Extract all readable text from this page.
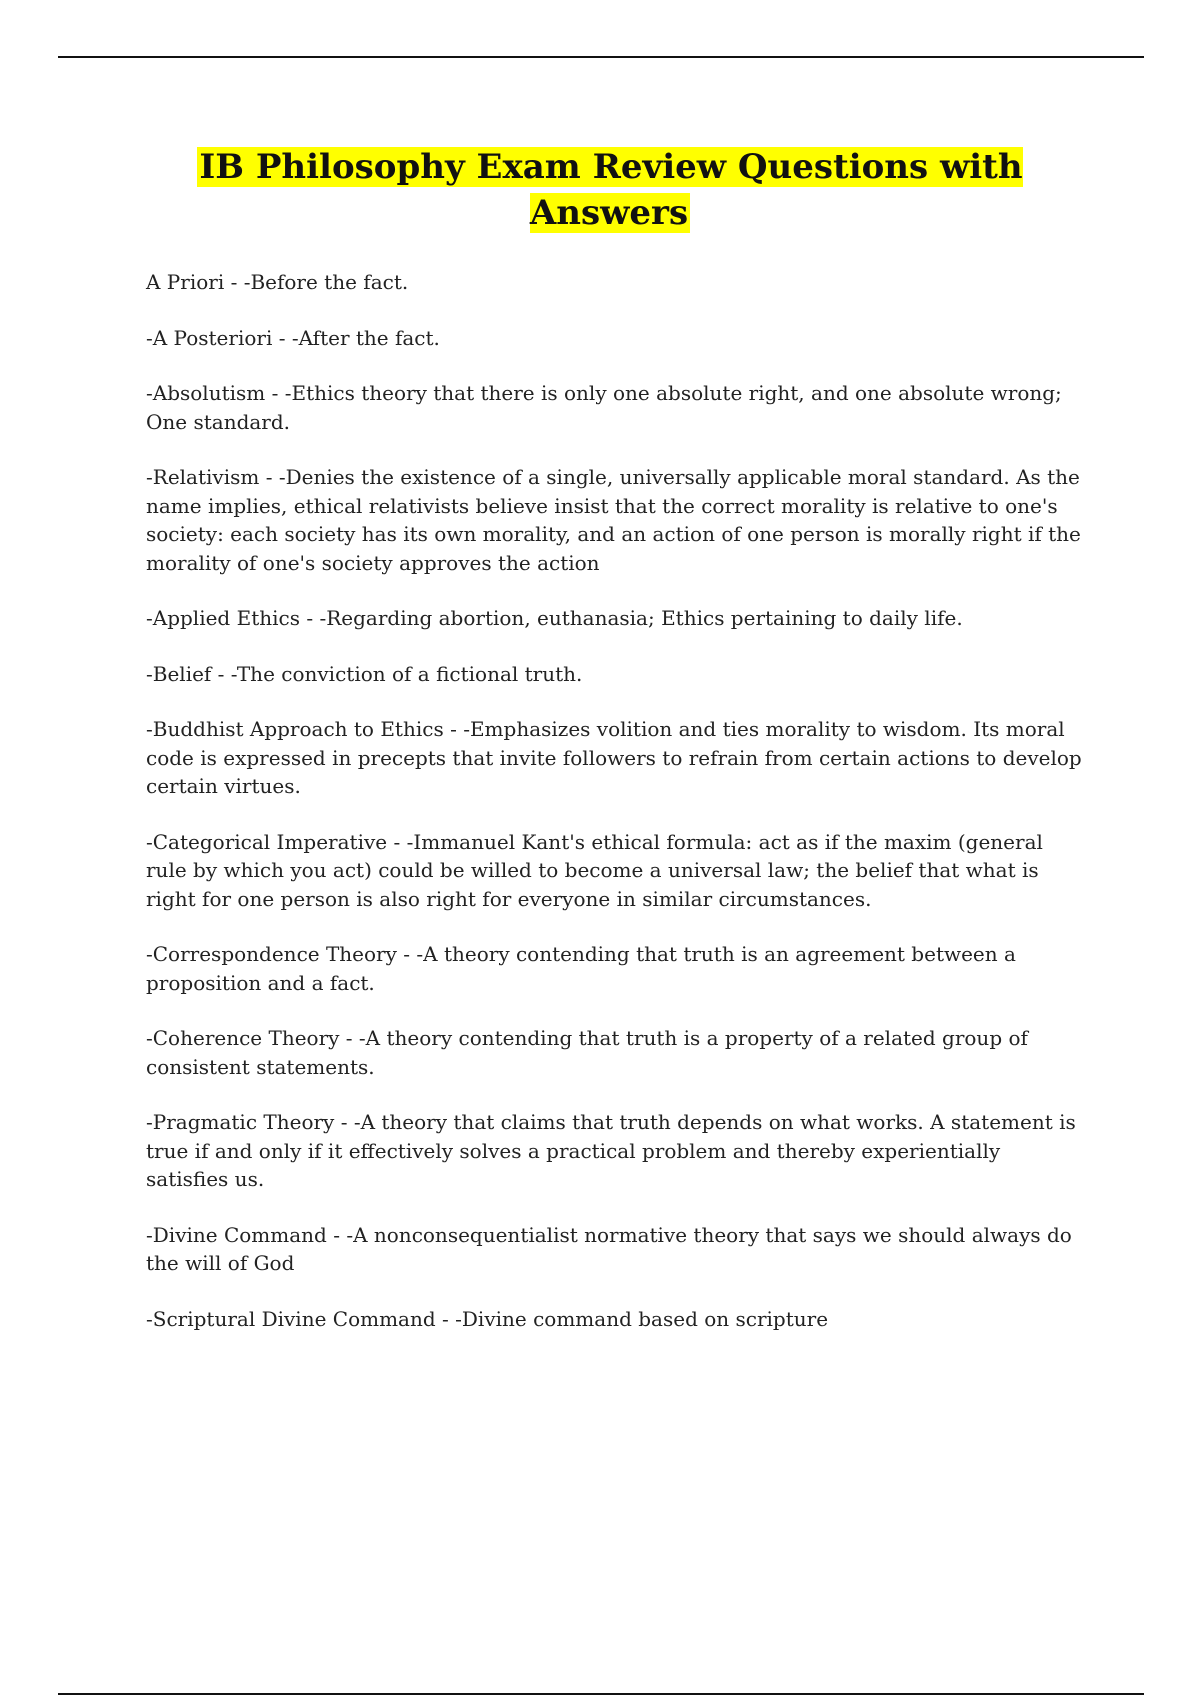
IB Philosophy Exam Review Questions with Answers

A Priori - -Before the fact.

-A Posteriori - -After the fact.

-Absolutism - -Ethics theory that there is only one absolute right, and one absolute wrong; One standard.

-Relativism - -Denies the existence of a single, universally applicable moral standard. As the name implies, ethical relativists believe insist that the correct morality is relative to one's society: each society has its own morality, and an action of one person is morally right if the morality of one's society approves the action

-Applied Ethics - -Regarding abortion, euthanasia; Ethics pertaining to daily life.

-Belief - -The conviction of a fictional truth.

-Buddhist Approach to Ethics - -Emphasizes volition and ties morality to wisdom. Its moral code is expressed in precepts that invite followers to refrain from certain actions to develop certain virtues.

-Categorical Imperative - -Immanuel Kant's ethical formula: act as if the maxim (general rule by which you act) could be willed to become a universal law; the belief that what is right for one person is also right for everyone in similar circumstances.

-Correspondence Theory - -A theory contending that truth is an agreement between a proposition and a fact.

-Coherence Theory - -A theory contending that truth is a property of a related group of consistent statements.

-Pragmatic Theory - -A theory that claims that truth depends on what works. A statement is true if and only if it effectively solves a practical problem and thereby experientially satisfies us.

-Divine Command - -A nonconsequentialist normative theory that says we should always do the will of God

-Scriptural Divine Command - -Divine command based on scripture
